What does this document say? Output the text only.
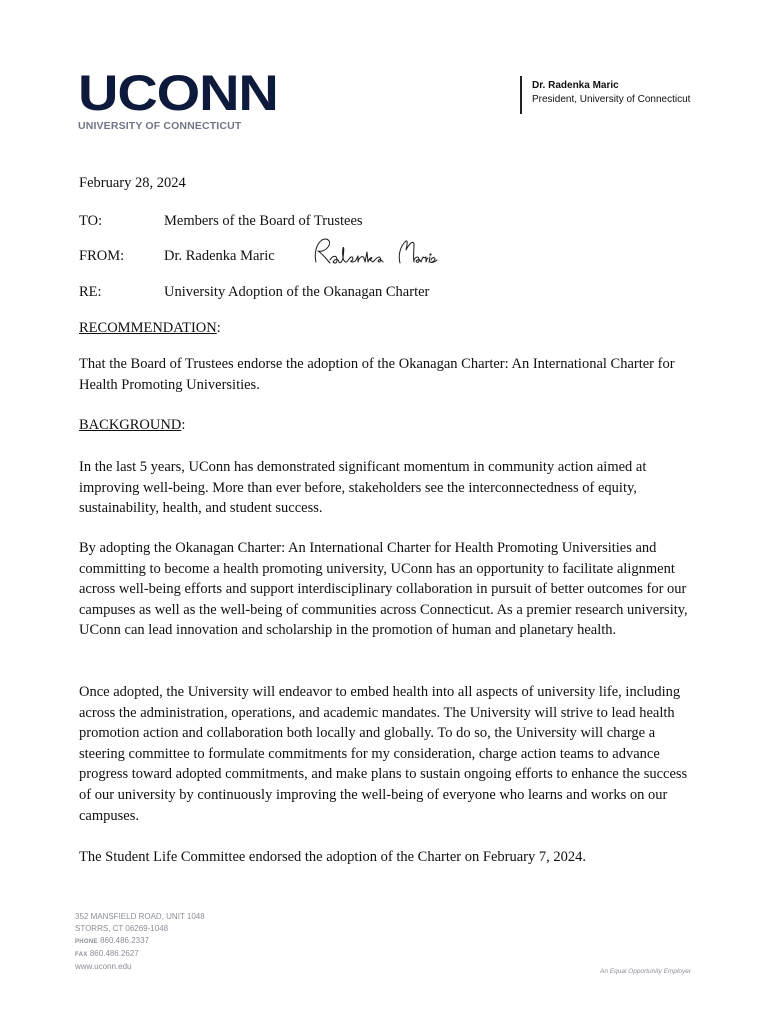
UCONN
UNIVERSITY OF CONNECTICUT
Dr. Radenka Maric
President, University of Connecticut
February 28, 2024
TO:	Members of the Board of Trustees
FROM:	Dr. Radenka Maric
RE:	University Adoption of the Okanagan Charter
RECOMMENDATION:
That the Board of Trustees endorse the adoption of the Okanagan Charter: An International Charter for Health Promoting Universities.
BACKGROUND:
In the last 5 years, UConn has demonstrated significant momentum in community action aimed at improving well-being. More than ever before, stakeholders see the interconnectedness of equity, sustainability, health, and student success.
By adopting the Okanagan Charter: An International Charter for Health Promoting Universities and committing to become a health promoting university, UConn has an opportunity to facilitate alignment across well-being efforts and support interdisciplinary collaboration in pursuit of better outcomes for our campuses as well as the well-being of communities across Connecticut. As a premier research university, UConn can lead innovation and scholarship in the promotion of human and planetary health.
Once adopted, the University will endeavor to embed health into all aspects of university life, including across the administration, operations, and academic mandates. The University will strive to lead health promotion action and collaboration both locally and globally. To do so, the University will charge a steering committee to formulate commitments for my consideration, charge action teams to advance progress toward adopted commitments, and make plans to sustain ongoing efforts to enhance the success of our university by continuously improving the well-being of everyone who learns and works on our campuses.
The Student Life Committee endorsed the adoption of the Charter on February 7, 2024.
352 MANSFIELD ROAD, UNIT 1048
STORRS, CT 06269-1048
PHONE 860.486.2337
FAX 860.486.2627
www.uconn.edu
An Equal Opportunity Employer
